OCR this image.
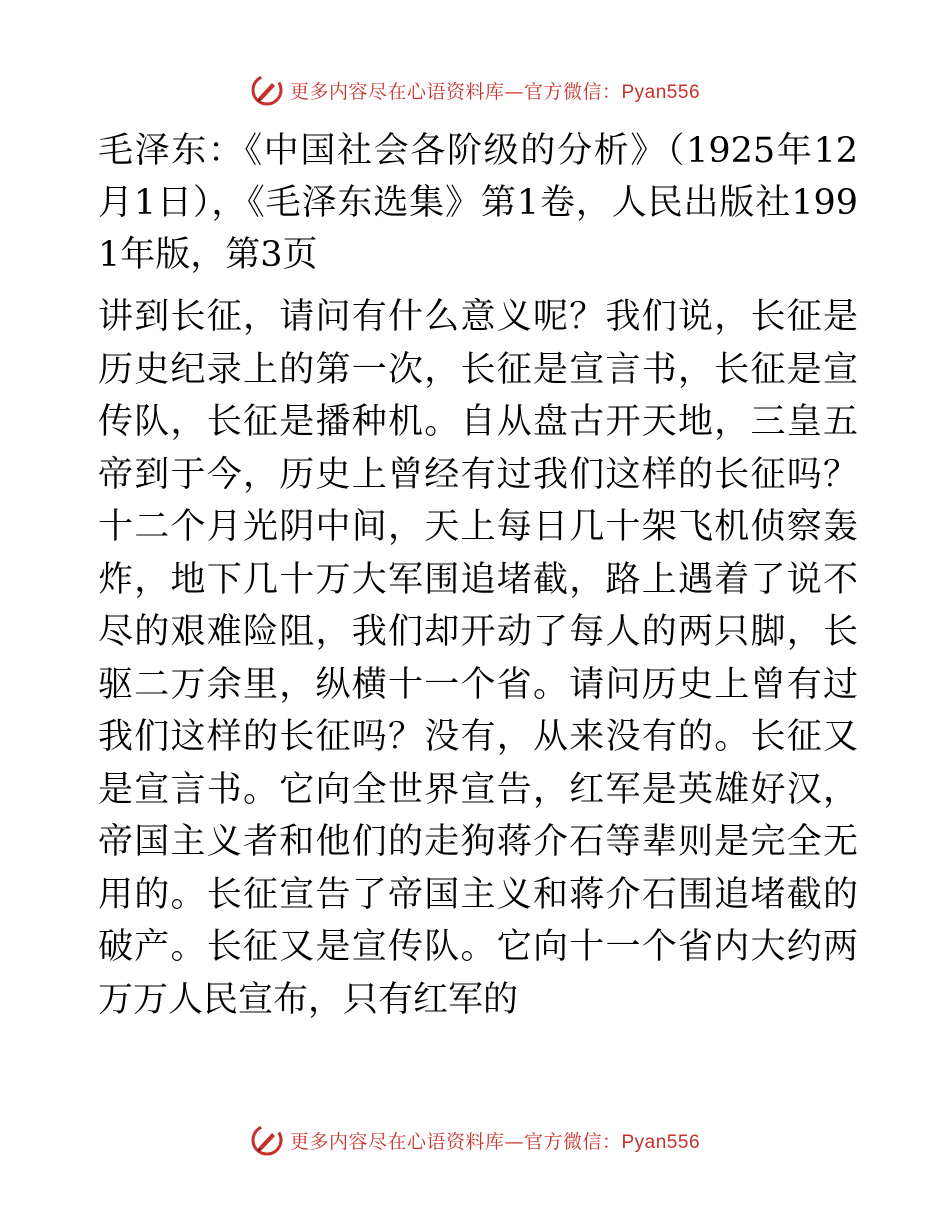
更多内容尽在心语资料库—官方微信：Pyan556

毛泽东：《中国社会各阶级的分析》（1925年12月1日），《毛泽东选集》第1卷，人民出版社1991年版，第3页

讲到长征，请问有什么意义呢？我们说，长征是历史纪录上的第一次，长征是宣言书，长征是宣传队，长征是播种机。自从盘古开天地，三皇五帝到于今，历史上曾经有过我们这样的长征吗？十二个月光阴中间，天上每日几十架飞机侦察轰炸，地下几十万大军围追堵截，路上遇着了说不尽的艰难险阻，我们却开动了每人的两只脚，长驱二万余里，纵横十一个省。请问历史上曾有过我们这样的长征吗？没有，从来没有的。长征又是宣言书。它向全世界宣告，红军是英雄好汉，帝国主义者和他们的走狗蒋介石等辈则是完全无用的。长征宣告了帝国主义和蒋介石围追堵截的破产。长征又是宣传队。它向十一个省内大约两万万人民宣布，只有红军的

更多内容尽在心语资料库—官方微信：Pyan556
